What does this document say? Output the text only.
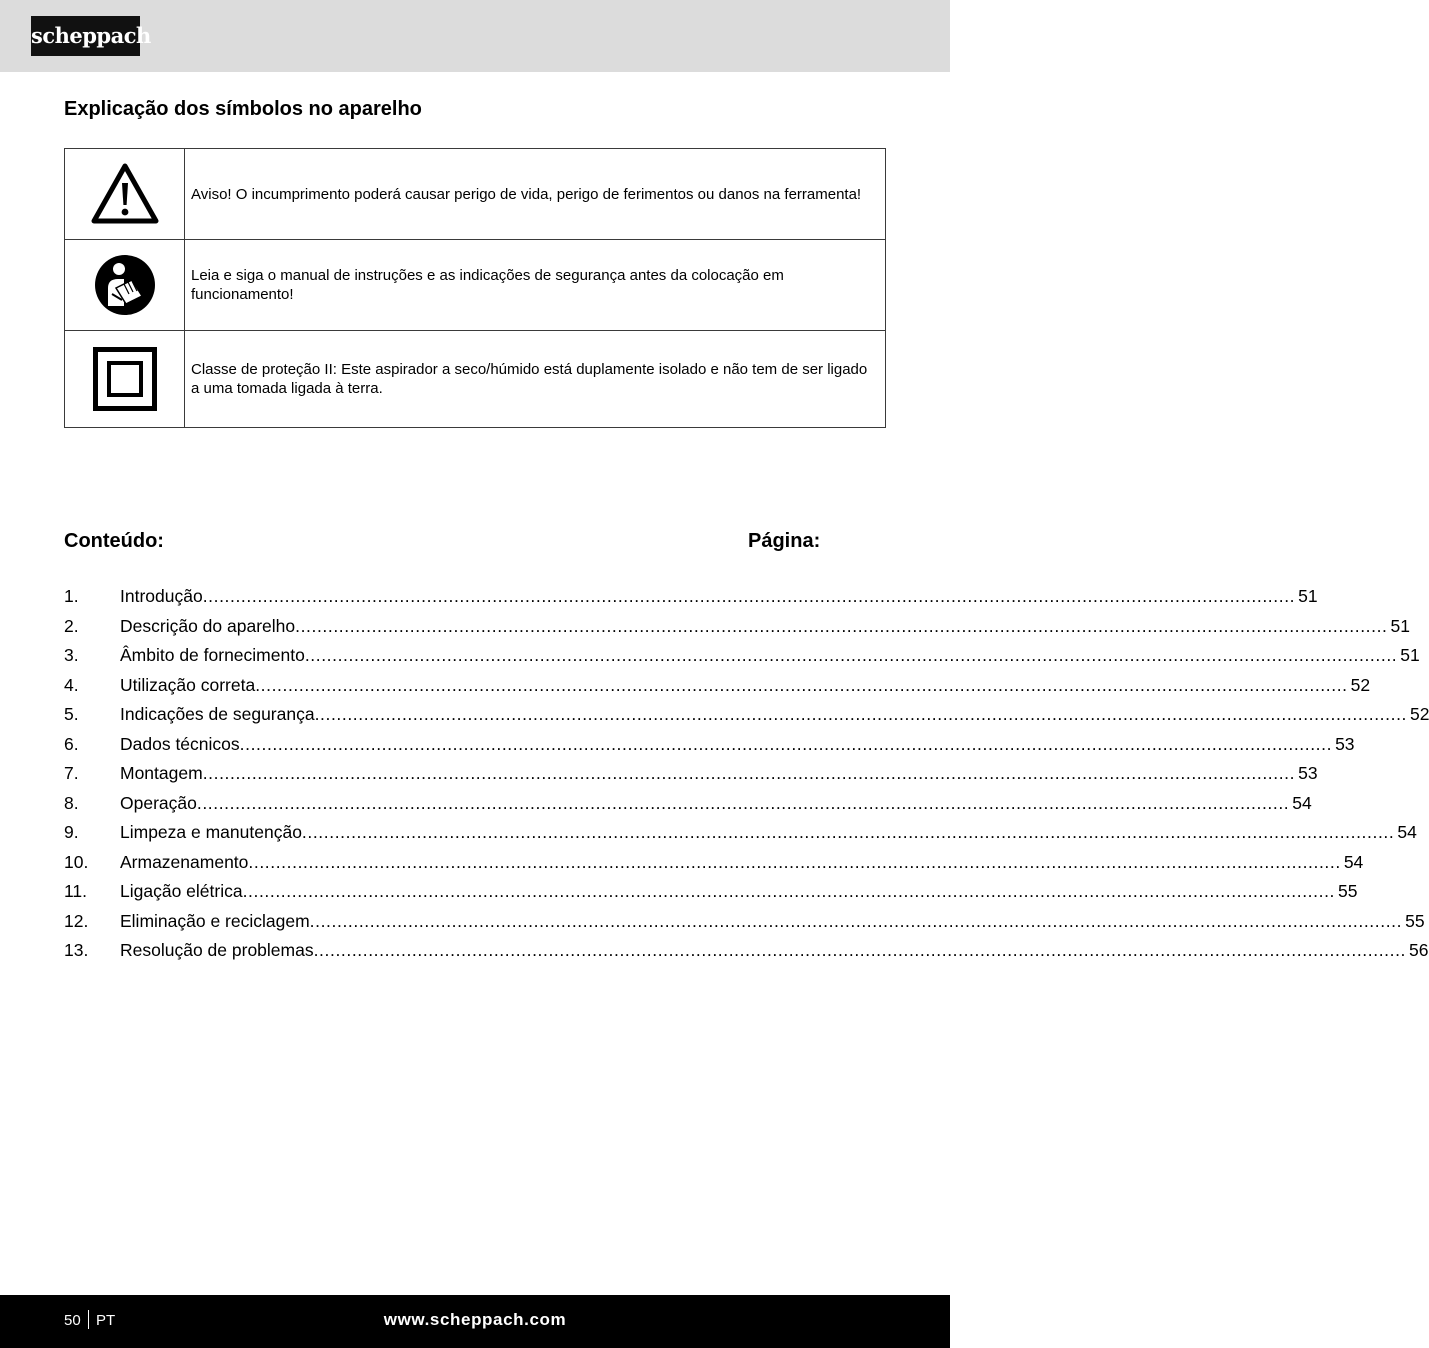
scheppach
Explicação dos símbolos no aparelho
Aviso! O incumprimento poderá causar perigo de vida, perigo de ferimentos ou danos na ferramenta!
Leia e siga o manual de instruções e as indicações de segurança antes da colocação em funcionamento!
Classe de proteção II: Este aspirador a seco/húmido está duplamente isolado e não tem de ser ligado a uma tomada ligada à terra.
Conteúdo:	Página:
1.	Introdução ........................................................................................................................................................................................................ 51
2.	Descrição do aparelho ........................................................................................................................................................................................................ 51
3.	Âmbito de fornecimento ........................................................................................................................................................................................................ 51
4.	Utilização correta ........................................................................................................................................................................................................ 52
5.	Indicações de segurança ........................................................................................................................................................................................................ 52
6.	Dados técnicos ........................................................................................................................................................................................................ 53
7.	Montagem ........................................................................................................................................................................................................ 53
8.	Operação ........................................................................................................................................................................................................ 54
9.	Limpeza e manutenção ........................................................................................................................................................................................................ 54
10.	Armazenamento ........................................................................................................................................................................................................ 54
11.	Ligação elétrica ........................................................................................................................................................................................................ 55
12.	Eliminação e reciclagem ........................................................................................................................................................................................................ 55
13.	Resolução de problemas ........................................................................................................................................................................................................ 56
50 PT	www.scheppach.com
